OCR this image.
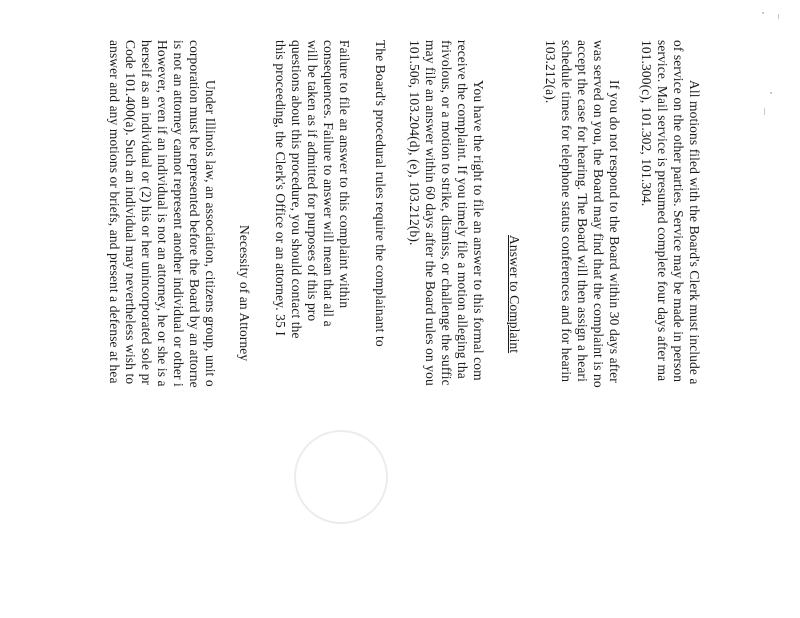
All motions filed with the Board's Clerk must include a
of service on the other parties. Service may be made in person
service. Mail service is presumed complete four days after ma
101.300(c), 101.302, 101.304.
If you do not respond to the Board within 30 days after
was served on you, the Board may find that the complaint is no
accept the case for hearing. The Board will then assign a heari
schedule times for telephone status conferences and for hearin
103.212(a).
Answer to Complaint
You have the right to file an answer to this formal com
receive the complaint. If you timely file a motion alleging tha
frivolous, or a motion to strike, dismiss, or challenge the suffic
may file an answer within 60 days after the Board rules on you
101.506, 103.204(d), (e), 103.212(b).
The Board's procedural rules require the complainant to
Failure to file an answer to this complaint within
consequences. Failure to answer will mean that all a
will be taken as if admitted for purposes of this pro
questions about this procedure, you should contact the
this proceeding, the Clerk's Office or an attorney. 35 I
Necessity of an Attorney
Under Illinois law, an association, citizens group, unit o
corporation must be represented before the Board by an attorne
is not an attorney cannot represent another individual or other i
However, even if an individual is not an attorney, he or she is a
herself as an individual or (2) his or her unincorporated sole pr
Code 101.400(a). Such an individual may nevertheless wish to
answer and any motions or briefs, and present a defense at hea
